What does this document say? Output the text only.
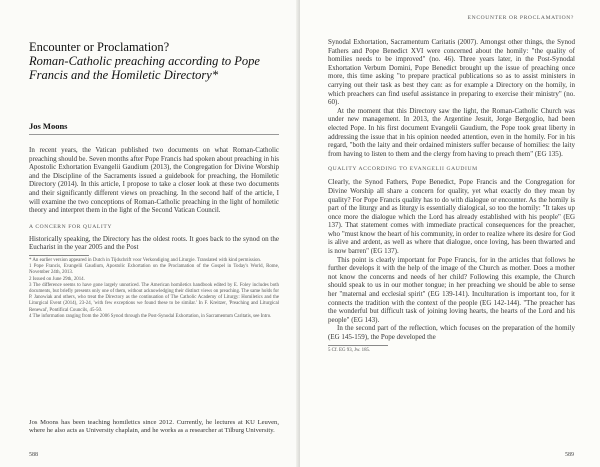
Encounter or Proclamation?

Roman-Catholic preaching according to Pope Francis and the Homiletic Directory*
Jos Moons

In recent years, the Vatican published two documents on what Roman-Catholic preaching should be. Seven months after Pope Francis had spoken about preaching in his Apostolic Exhortation Evangelii Gaudium (2013), the Congregation for Divine Worship and the Discipline of the Sacraments issued a guidebook for preaching, the Homiletic Directory (2014). In this article, I propose to take a closer look at these two documents and their significantly different views on preaching. In the second half of the article, I will examine the two conceptions of Roman-Catholic preaching in the light of homiletic theory and interpret them in the light of the Second Vatican Council.

A CONCERN FOR QUALITY

Historically speaking, the Directory has the oldest roots. It goes back to the synod on the Eucharist in the year 2005 and the Post

* An earlier version appeared in Dutch in Tijdschrift voor Verkondiging and Liturgie. Translated with kind permission.
1 Pope Francis, Evangelii Gaudium, Apostolic Exhortation on the Proclamation of the Gospel in Today's World, Rome, November 24th, 2013.
2 Issued on June 29th, 2014.
3 The difference seems to have gone largely unnoticed. The American homiletics handbook edited by E. Foley includes both documents, but briefly presents only one of them, without acknowledging their distinct views on preaching. The same holds for P. Janowiak and others, who treat the Directory as the continuation of The Catholic Academy of Liturgy: Homiletics and the Liturgical Event (2014), 23-24, 'with few exceptions we found these to be similar.' In F. Kreitzer, 'Preaching and Liturgical Renewal', Pontifical Councils, 45-50.
4 The information ranging from the 2006 Synod through the Post-Synodal Exhortation, in Sacramentum Caritatis, see Intro.

Jos Moons has been teaching homiletics since 2012. Currently, he lectures at KU Leuven, where he also acts as University chaplain, and he works as a researcher at Tilburg University.

588
ENCOUNTER OR PROCLAMATION?

Synodal Exhortation, Sacramentum Caritatis (2007). Amongst other things, the Synod Fathers and Pope Benedict XVI were concerned about the homily: "the quality of homilies needs to be improved" (no. 46). Three years later, in the Post-Synodal Exhortation Verbum Domini, Pope Benedict brought up the issue of preaching once more, this time asking "to prepare practical publications so as to assist ministers in carrying out their task as best they can: as for example a Directory on the homily, in which preachers can find useful assistance in preparing to exercise their ministry" (no. 60).

At the moment that this Directory saw the light, the Roman-Catholic Church was under new management. In 2013, the Argentine Jesuit, Jorge Bergoglio, had been elected Pope. In his first document Evangelii Gaudium, the Pope took great liberty in addressing the issue that in his opinion needed attention, even in the homily. For in his regard, "both the laity and their ordained ministers suffer because of homilies: the laity from having to listen to them and the clergy from having to preach them" (EG 135).

QUALITY ACCORDING TO EVANGELII GAUDIUM

Clearly, the Synod Fathers, Pope Benedict, Pope Francis and the Congregation for Divine Worship all share a concern for quality, yet what exactly do they mean by quality? For Pope Francis quality has to do with dialogue or encounter. As the homily is part of the liturgy and as liturgy is essentially dialogical, so too the homily: "It takes up once more the dialogue which the Lord has already established with his people" (EG 137). That statement comes with immediate practical consequences for the preacher, who "must know the heart of his community, in order to realize where its desire for God is alive and ardent, as well as where that dialogue, once loving, has been thwarted and is now barren" (EG 137).

This point is clearly important for Pope Francis, for in the articles that follows he further develops it with the help of the image of the Church as mother. Does a mother not know the concerns and needs of her child? Following this example, the Church should speak to us in our mother tongue; in her preaching we should be able to sense her "maternal and ecclesial spirit" (EG 139-141). Inculturation is important too, for it connects the tradition with the context of the people (EG 142-144). "The preacher has the wonderful but difficult task of joining loving hearts, the hearts of the Lord and his people" (EG 143).

In the second part of the reflection, which focuses on the preparation of the homily (EG 145-159), the Pope developed the

5 Cf. EG 93, Jw. 185.
589
